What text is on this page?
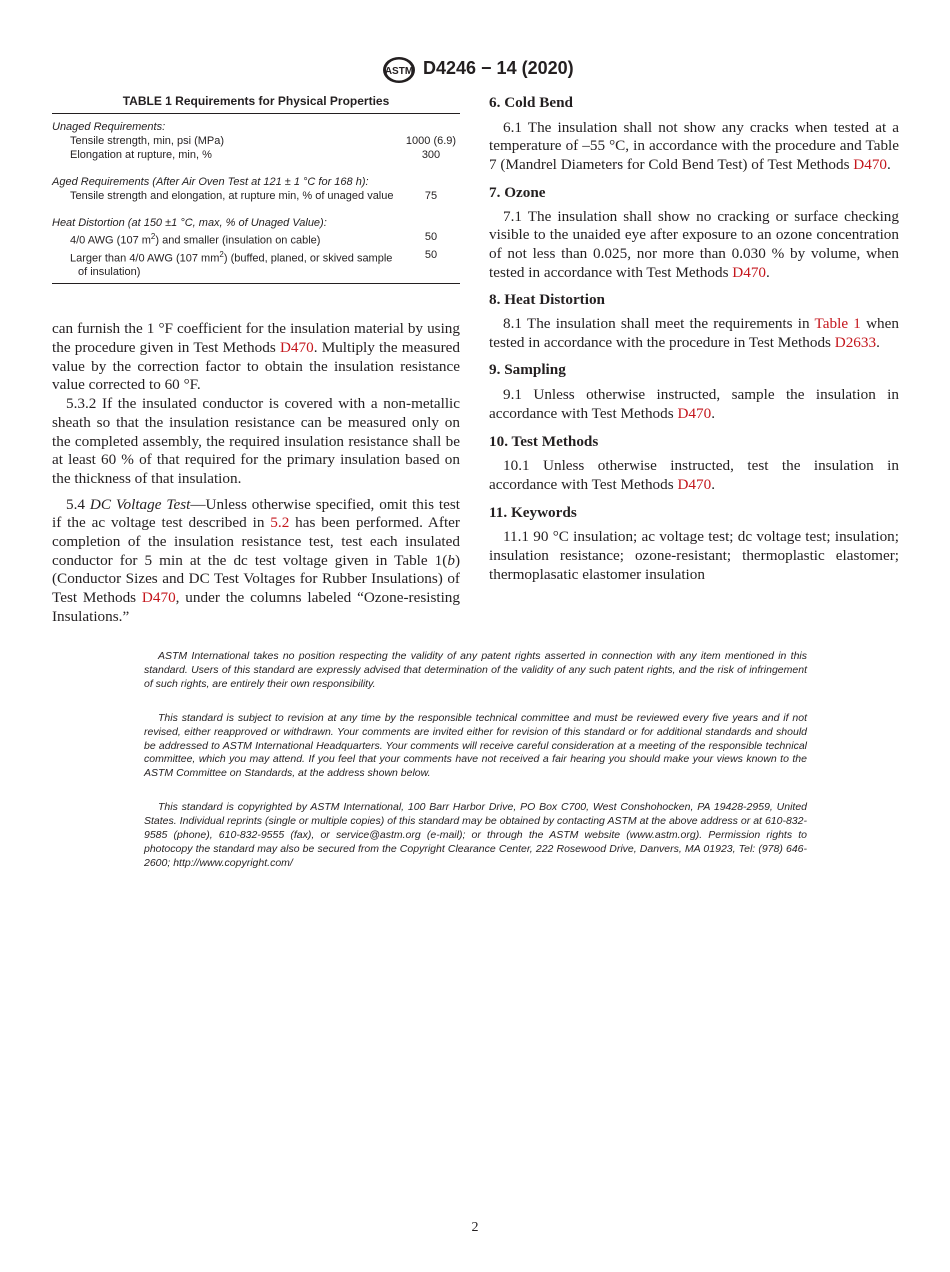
ASTM D4246 − 14 (2020)
TABLE 1 Requirements for Physical Properties

Unaged Requirements:	
Tensile strength, min, psi (MPa)	1000 (6.9)
Elongation at rupture, min, %	300

Aged Requirements (After Air Oven Test at 121 ± 1 °C for 168 h):	

Tensile strength and elongation, at rupture min, % of unaged value	75

Heat Distortion (at 150 ±1 °C, max, % of Unaged Value):	

4/0 AWG (107 $m^2$) and smaller (insulation on cable)	50

Larger than 4/0 AWG (107 $mm^2$) (buffed, planed, or skived sample of insulation)	50

can furnish the 1 °F coefficient for the insulation material by using the procedure given in Test Methods D470. Multiply the measured value by the correction factor to obtain the insulation resistance value corrected to 60 °F.

5.3.2 If the insulated conductor is covered with a non-metallic sheath so that the insulation resistance can be measured only on the completed assembly, the required insulation resistance shall be at least 60 % of that required for the primary insulation based on the thickness of that insulation.

5.4 DC Voltage Test—Unless otherwise specified, omit this test if the ac voltage test described in 5.2 has been performed. After completion of the insulation resistance test, test each insulated conductor for 5 min at the dc test voltage given in Table 1(b) (Conductor Sizes and DC Test Voltages for Rubber Insulations) of Test Methods D470, under the columns labeled “Ozone-resisting Insulations.”

6. Cold Bend

6.1 The insulation shall not show any cracks when tested at a temperature of –55 °C, in accordance with the procedure and Table 7 (Mandrel Diameters for Cold Bend Test) of Test Methods D470.

7. Ozone

7.1 The insulation shall show no cracking or surface checking visible to the unaided eye after exposure to an ozone concentration of not less than 0.025, nor more than 0.030 % by volume, when tested in accordance with Test Methods D470.

8. Heat Distortion

8.1 The insulation shall meet the requirements in Table 1 when tested in accordance with the procedure in Test Methods D2633.

9. Sampling

9.1 Unless otherwise instructed, sample the insulation in accordance with Test Methods D470.

10. Test Methods

10.1 Unless otherwise instructed, test the insulation in accordance with Test Methods D470.

11. Keywords

11.1 90 °C insulation; ac voltage test; dc voltage test; insulation; insulation resistance; ozone-resistant; thermoplastic elastomer; thermoplasatic elastomer insulation

ASTM International takes no position respecting the validity of any patent rights asserted in connection with any item mentioned in this standard. Users of this standard are expressly advised that determination of the validity of any such patent rights, and the risk of infringement of such rights, are entirely their own responsibility.

This standard is subject to revision at any time by the responsible technical committee and must be reviewed every five years and if not revised, either reapproved or withdrawn. Your comments are invited either for revision of this standard or for additional standards and should be addressed to ASTM International Headquarters. Your comments will receive careful consideration at a meeting of the responsible technical committee, which you may attend. If you feel that your comments have not received a fair hearing you should make your views known to the ASTM Committee on Standards, at the address shown below.

This standard is copyrighted by ASTM International, 100 Barr Harbor Drive, PO Box C700, West Conshohocken, PA 19428-2959, United States. Individual reprints (single or multiple copies) of this standard may be obtained by contacting ASTM at the above address or at 610-832-9585 (phone), 610-832-9555 (fax), or service@astm.org (e-mail); or through the ASTM website (www.astm.org). Permission rights to photocopy the standard may also be secured from the Copyright Clearance Center, 222 Rosewood Drive, Danvers, MA 01923, Tel: (978) 646-2600; http://www.copyright.com/

2
